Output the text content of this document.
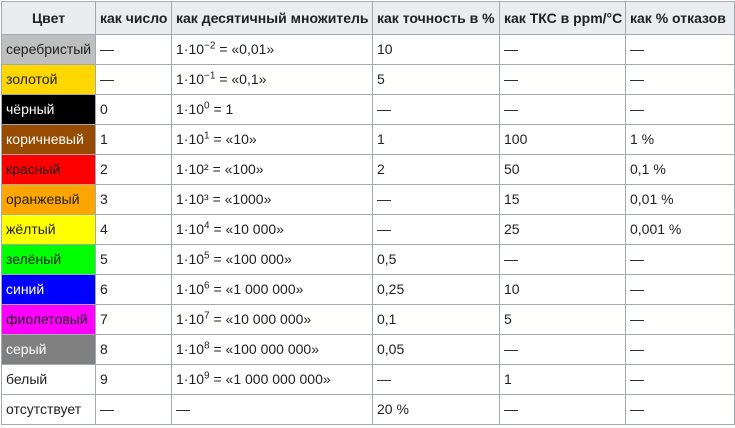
Цвет	как число	как десятичный множитель	как точность в %	как ТКС в ppm/°C	как % отказов
серебристый	—	$1\cdot 10^{-2}$ = «0,01»	10	—	—
золотой	—	$1\cdot 10^{-1}$ = «0,1»	5	—	—
чёрный	0	$1\cdot 10^0 = 1$	—	—	—
коричневый	1	$1\cdot 10^1$ = «10»	1	100	1 %
красный	2	1·10² = «100»	2	50	0,1 %
оранжевый	3	1·10³ = «1000»	—	15	0,01 %
жёлтый	4	$1\cdot 10^4$ = «10 000»	—	25	0,001 %
зелёный	5	$1\cdot 10^5$ = «100 000»	0,5	—	—
синий	6	$1\cdot 10^6$ = «1 000 000»	0,25	10	—
фиолетовый	7	$1\cdot 10^7$ = «10 000 000»	0,1	5	—
серый	8	$1\cdot 10^8$ = «100 000 000»	0,05	—	—
белый	9	$1\cdot 10^9$ = «1 000 000 000»	—	1	—
отсутствует	—	—	20 %	—	—
